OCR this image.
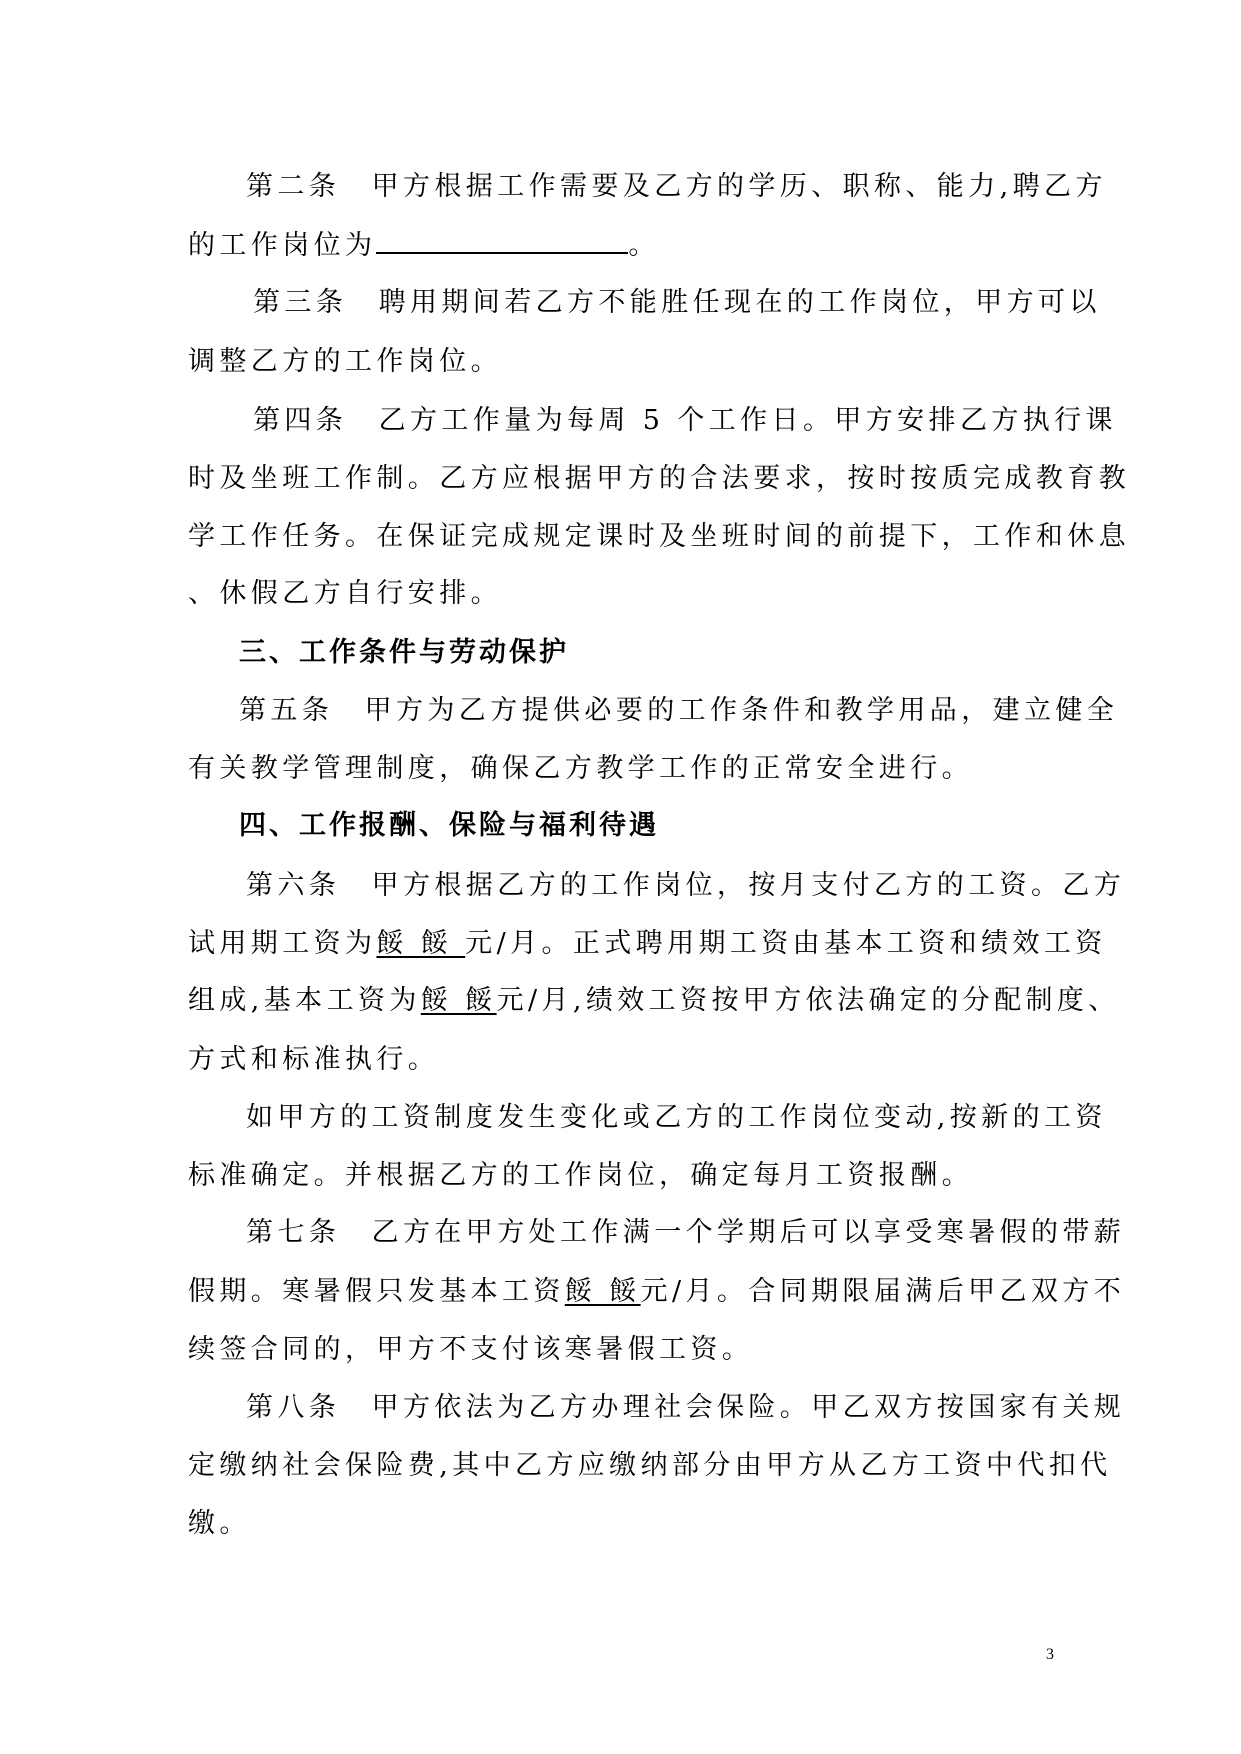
第二条　甲方根据工作需要及乙方的学历、职称、能力,聘乙方
的工作岗位为	。
第三条　聘用期间若乙方不能胜任现在的工作岗位，甲方可以
调整乙方的工作岗位。
第四条　乙方工作量为每周 5 个工作日。甲方安排乙方执行课
时及坐班工作制。乙方应根据甲方的合法要求，按时按质完成教育教
学工作任务。在保证完成规定课时及坐班时间的前提下，工作和休息
、休假乙方自行安排。
三、工作条件与劳动保护
第五条　甲方为乙方提供必要的工作条件和教学用品，建立健全
有关教学管理制度，确保乙方教学工作的正常安全进行。
四、工作报酬、保险与福利待遇
第六条　甲方根据乙方的工作岗位，按月支付乙方的工资。乙方
试用期工资为餒 餒 元/月。正式聘用期工资由基本工资和绩效工资
组成,基本工资为餒 餒元/月,绩效工资按甲方依法确定的分配制度、
方式和标准执行。
如甲方的工资制度发生变化或乙方的工作岗位变动,按新的工资
标准确定。并根据乙方的工作岗位，确定每月工资报酬。
第七条　乙方在甲方处工作满一个学期后可以享受寒暑假的带薪
假期。寒暑假只发基本工资餒 餒元/月。合同期限届满后甲乙双方不
续签合同的，甲方不支付该寒暑假工资。
第八条　甲方依法为乙方办理社会保险。甲乙双方按国家有关规
定缴纳社会保险费,其中乙方应缴纳部分由甲方从乙方工资中代扣代
缴。
3
